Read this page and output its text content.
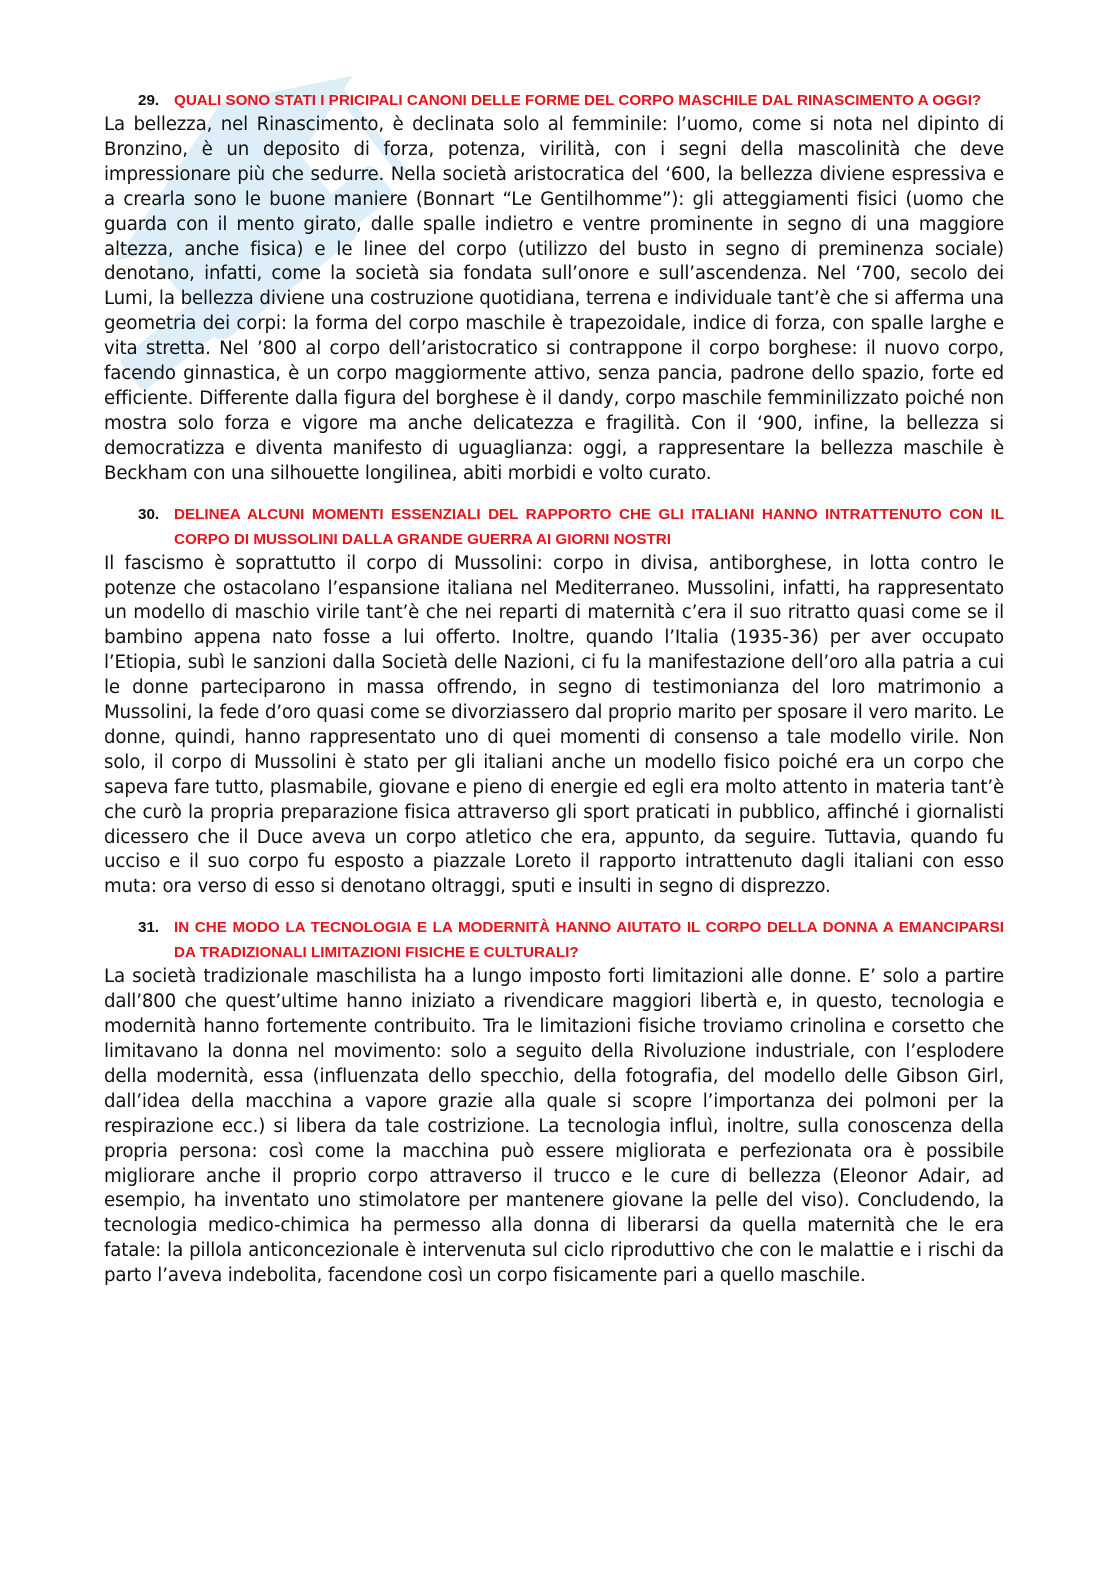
29. QUALI SONO STATI I PRICIPALI CANONI DELLE FORME DEL CORPO MASCHILE DAL RINASCIMENTO A OGGI?

La bellezza, nel Rinascimento, è declinata solo al femminile: l’uomo, come si nota nel dipinto di Bronzino, è un deposito di forza, potenza, virilità, con i segni della mascolinità che deve impressionare più che sedurre. Nella società aristocratica del ‘600, la bellezza diviene espressiva e a crearla sono le buone maniere (Bonnart “Le Gentilhomme”): gli atteggiamenti fisici (uomo che guarda con il mento girato, dalle spalle indietro e ventre prominente in segno di una maggiore altezza, anche fisica) e le linee del corpo (utilizzo del busto in segno di preminenza sociale) denotano, infatti, come la società sia fondata sull’onore e sull’ascendenza. Nel ‘700, secolo dei Lumi, la bellezza diviene una costruzione quotidiana, terrena e individuale tant’è che si afferma una geometria dei corpi: la forma del corpo maschile è trapezoidale, indice di forza, con spalle larghe e vita stretta. Nel ’800 al corpo dell’aristocratico si contrappone il corpo borghese: il nuovo corpo, facendo ginnastica, è un corpo maggiormente attivo, senza pancia, padrone dello spazio, forte ed efficiente. Differente dalla figura del borghese è il dandy, corpo maschile femminilizzato poiché non mostra solo forza e vigore ma anche delicatezza e fragilità. Con il ‘900, infine, la bellezza si democratizza e diventa manifesto di uguaglianza: oggi, a rappresentare la bellezza maschile è Beckham con una silhouette longilinea, abiti morbidi e volto curato.

30. DELINEA ALCUNI MOMENTI ESSENZIALI DEL RAPPORTO CHE GLI ITALIANI HANNO INTRATTENUTO CON IL CORPO DI MUSSOLINI DALLA GRANDE GUERRA AI GIORNI NOSTRI

Il fascismo è soprattutto il corpo di Mussolini: corpo in divisa, antiborghese, in lotta contro le potenze che ostacolano l’espansione italiana nel Mediterraneo. Mussolini, infatti, ha rappresentato un modello di maschio virile tant’è che nei reparti di maternità c’era il suo ritratto quasi come se il bambino appena nato fosse a lui offerto. Inoltre, quando l’Italia (1935-36) per aver occupato l’Etiopia, subì le sanzioni dalla Società delle Nazioni, ci fu la manifestazione dell’oro alla patria a cui le donne parteciparono in massa offrendo, in segno di testimonianza del loro matrimonio a Mussolini, la fede d’oro quasi come se divorziassero dal proprio marito per sposare il vero marito. Le donne, quindi, hanno rappresentato uno di quei momenti di consenso a tale modello virile. Non solo, il corpo di Mussolini è stato per gli italiani anche un modello fisico poiché era un corpo che sapeva fare tutto, plasmabile, giovane e pieno di energie ed egli era molto attento in materia tant’è che curò la propria preparazione fisica attraverso gli sport praticati in pubblico, affinché i giornalisti dicessero che il Duce aveva un corpo atletico che era, appunto, da seguire. Tuttavia, quando fu ucciso e il suo corpo fu esposto a piazzale Loreto il rapporto intrattenuto dagli italiani con esso muta: ora verso di esso si denotano oltraggi, sputi e insulti in segno di disprezzo.

31. IN CHE MODO LA TECNOLOGIA E LA MODERNITÀ HANNO AIUTATO IL CORPO DELLA DONNA A EMANCIPARSI DA TRADIZIONALI LIMITAZIONI FISICHE E CULTURALI?

La società tradizionale maschilista ha a lungo imposto forti limitazioni alle donne. E’ solo a partire dall’800 che quest’ultime hanno iniziato a rivendicare maggiori libertà e, in questo, tecnologia e modernità hanno fortemente contribuito. Tra le limitazioni fisiche troviamo crinolina e corsetto che limitavano la donna nel movimento: solo a seguito della Rivoluzione industriale, con l’esplodere della modernità, essa (influenzata dello specchio, della fotografia, del modello delle Gibson Girl, dall’idea della macchina a vapore grazie alla quale si scopre l’importanza dei polmoni per la respirazione ecc.) si libera da tale costrizione. La tecnologia influì, inoltre, sulla conoscenza della propria persona: così come la macchina può essere migliorata e perfezionata ora è possibile migliorare anche il proprio corpo attraverso il trucco e le cure di bellezza (Eleonor Adair, ad esempio, ha inventato uno stimolatore per mantenere giovane la pelle del viso). Concludendo, la tecnologia medico-chimica ha permesso alla donna di liberarsi da quella maternità che le era fatale: la pillola anticoncezionale è intervenuta sul ciclo riproduttivo che con le malattie e i rischi da parto l’aveva indebolita, facendone così un corpo fisicamente pari a quello maschile.
